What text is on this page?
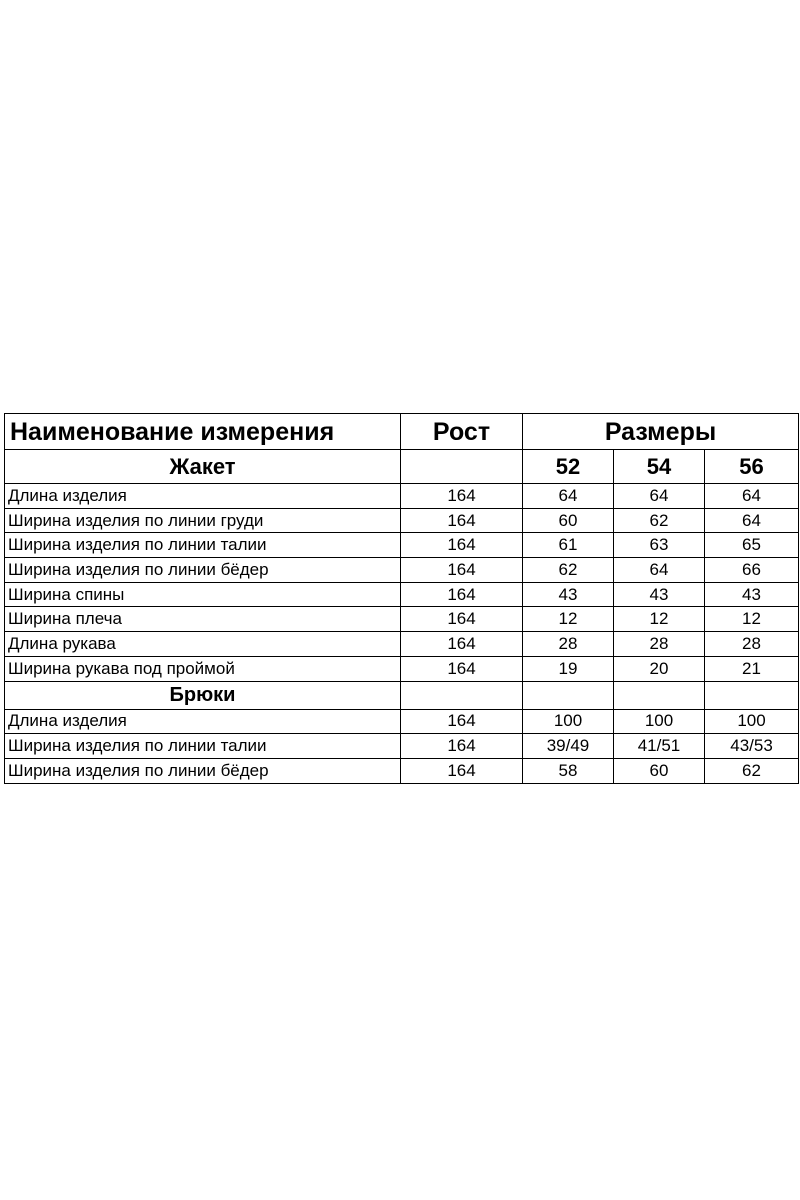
Наименование измерения	Рост	Размеры		
Жакет		52	54	56
Длина изделия	164	64	64	64
Ширина изделия по линии груди	164	60	62	64
Ширина изделия по линии талии	164	61	63	65
Ширина изделия по линии бёдер	164	62	64	66
Ширина спины	164	43	43	43
Ширина плеча	164	12	12	12
Длина рукава	164	28	28	28
Ширина рукава под проймой	164	19	20	21
Брюки				
Длина изделия	164	100	100	100
Ширина изделия по линии талии	164	39/49	41/51	43/53
Ширина изделия по линии бёдер	164	58	60	62
